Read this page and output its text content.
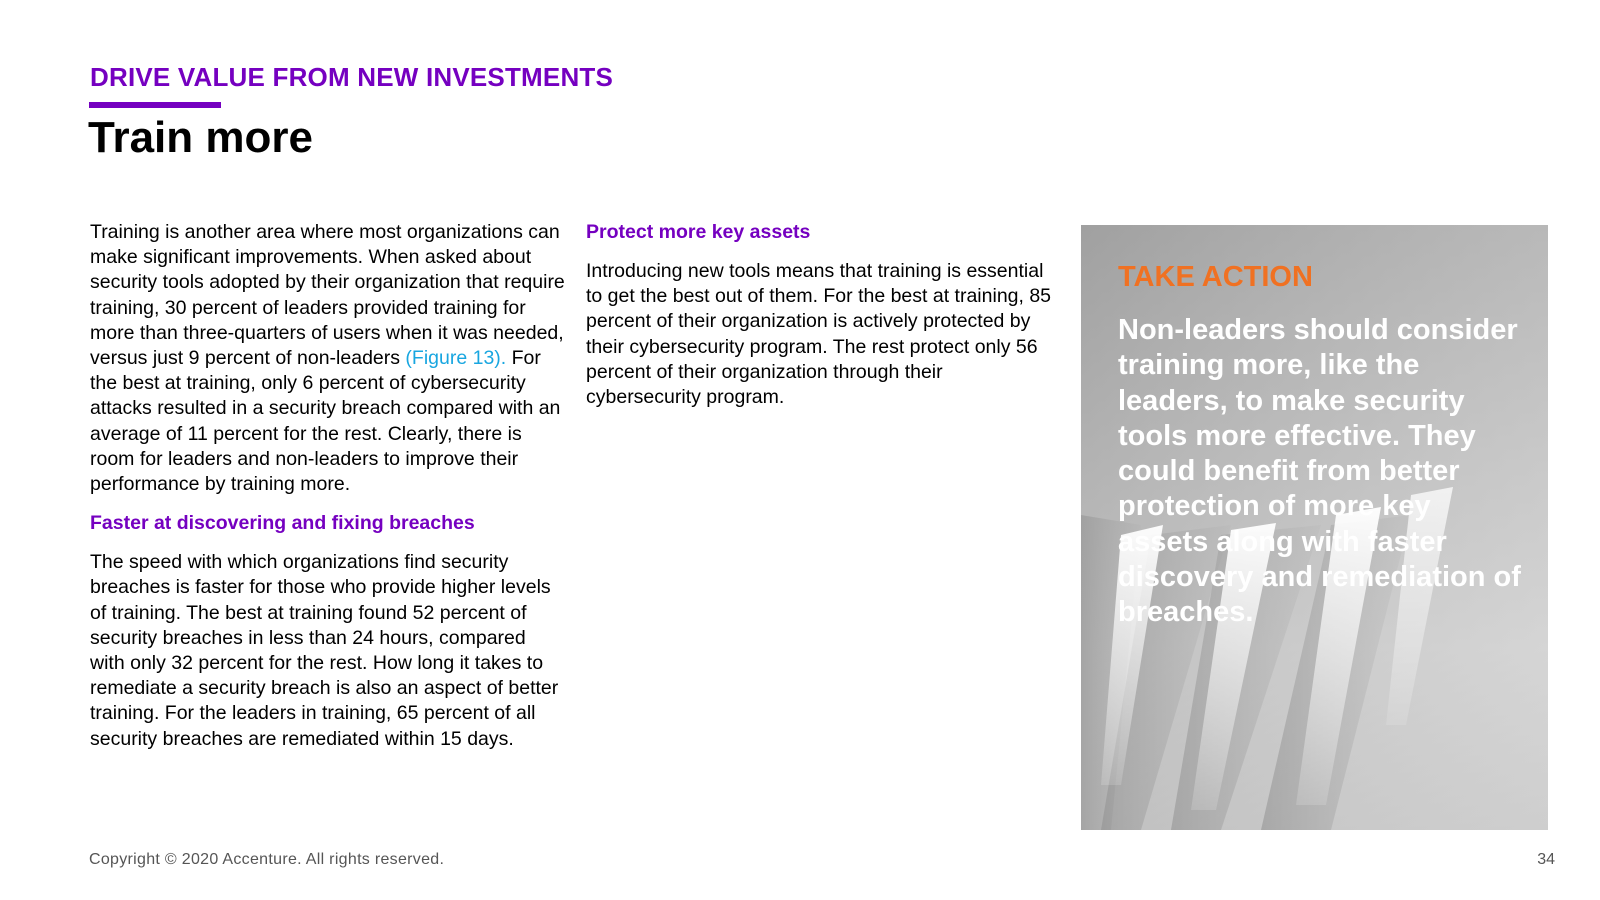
DRIVE VALUE FROM NEW INVESTMENTS
Train more

Training is another area where most organizations can make significant improvements. When asked about security tools adopted by their organization that require training, 30 percent of leaders provided training for more than three-quarters of users when it was needed, versus just 9 percent of non-leaders (Figure 13). For the best at training, only 6 percent of cybersecurity attacks resulted in a security breach compared with an average of 11 percent for the rest. Clearly, there is room for leaders and non-leaders to improve their performance by training more.

Faster at discovering and fixing breaches

The speed with which organizations find security breaches is faster for those who provide higher levels of training. The best at training found 52 percent of security breaches in less than 24 hours, compared with only 32 percent for the rest. How long it takes to remediate a security breach is also an aspect of better training. For the leaders in training, 65 percent of all security breaches are remediated within 15 days.

Protect more key assets

Introducing new tools means that training is essential to get the best out of them. For the best at training, 85 percent of their organization is actively protected by their cybersecurity program. The rest protect only 56 percent of their organization through their cybersecurity program.

TAKE ACTION

Non-leaders should consider training more, like the leaders, to make security tools more effective. They could benefit from better protection of more key assets along with faster discovery and remediation of breaches.

Copyright © 2020 Accenture. All rights reserved.	34
